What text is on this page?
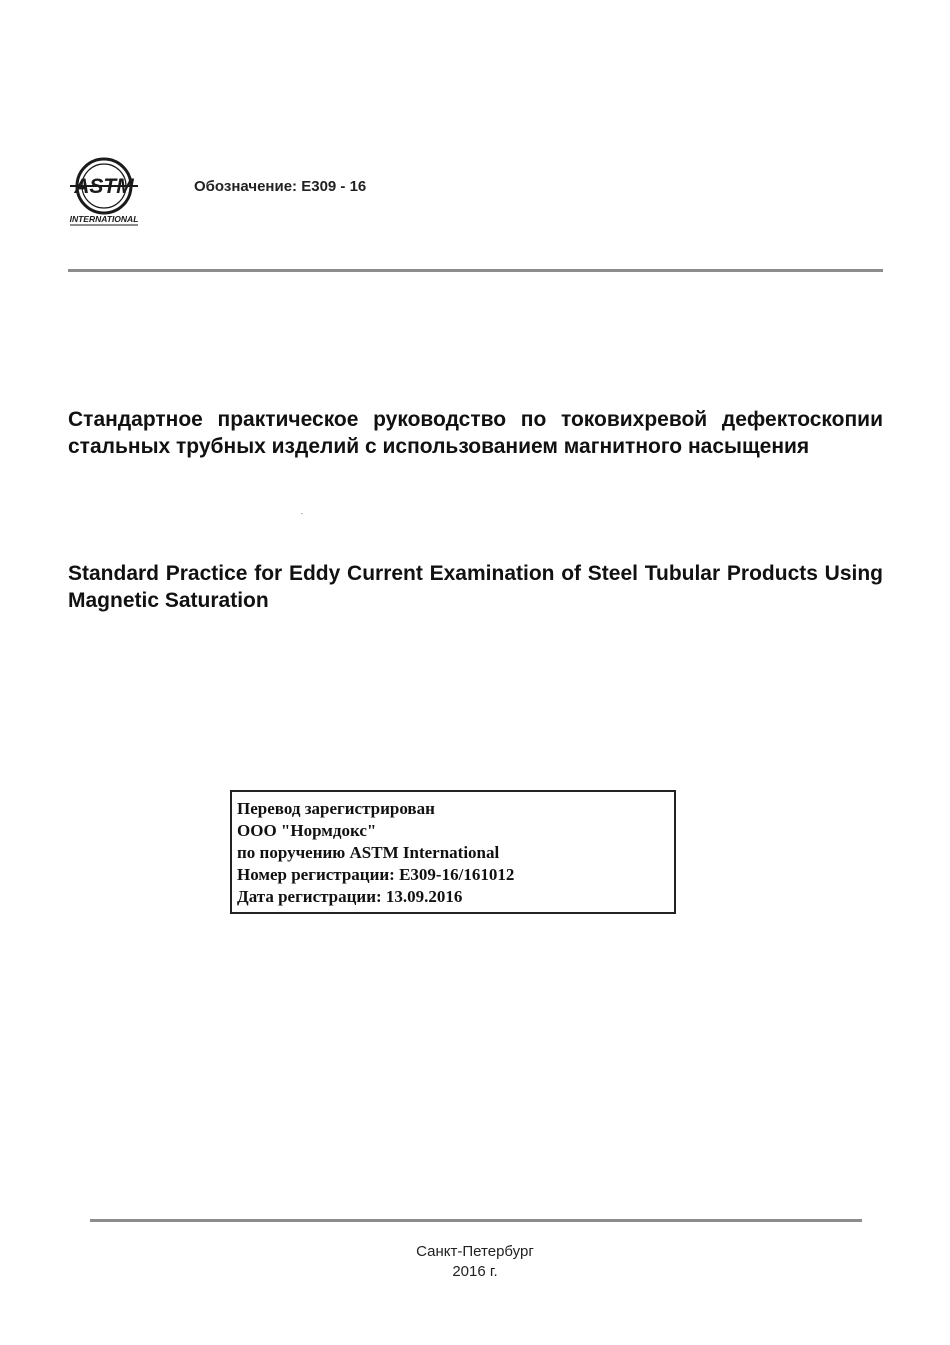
ASTM
INTERNATIONAL
Обозначение: E309 - 16
Стандартное практическое руководство по токовихревой дефектоскопии стальных трубных изделий с использованием магнитного насыщения
Standard Practice for Eddy Current Examination of Steel Tubular Products Using Magnetic Saturation
Перевод зарегистрирован
ООО "Нормдокс"
по поручению ASTM International
Номер регистрации: E309-16/161012
Дата регистрации: 13.09.2016
Санкт-Петербург
2016 г.
